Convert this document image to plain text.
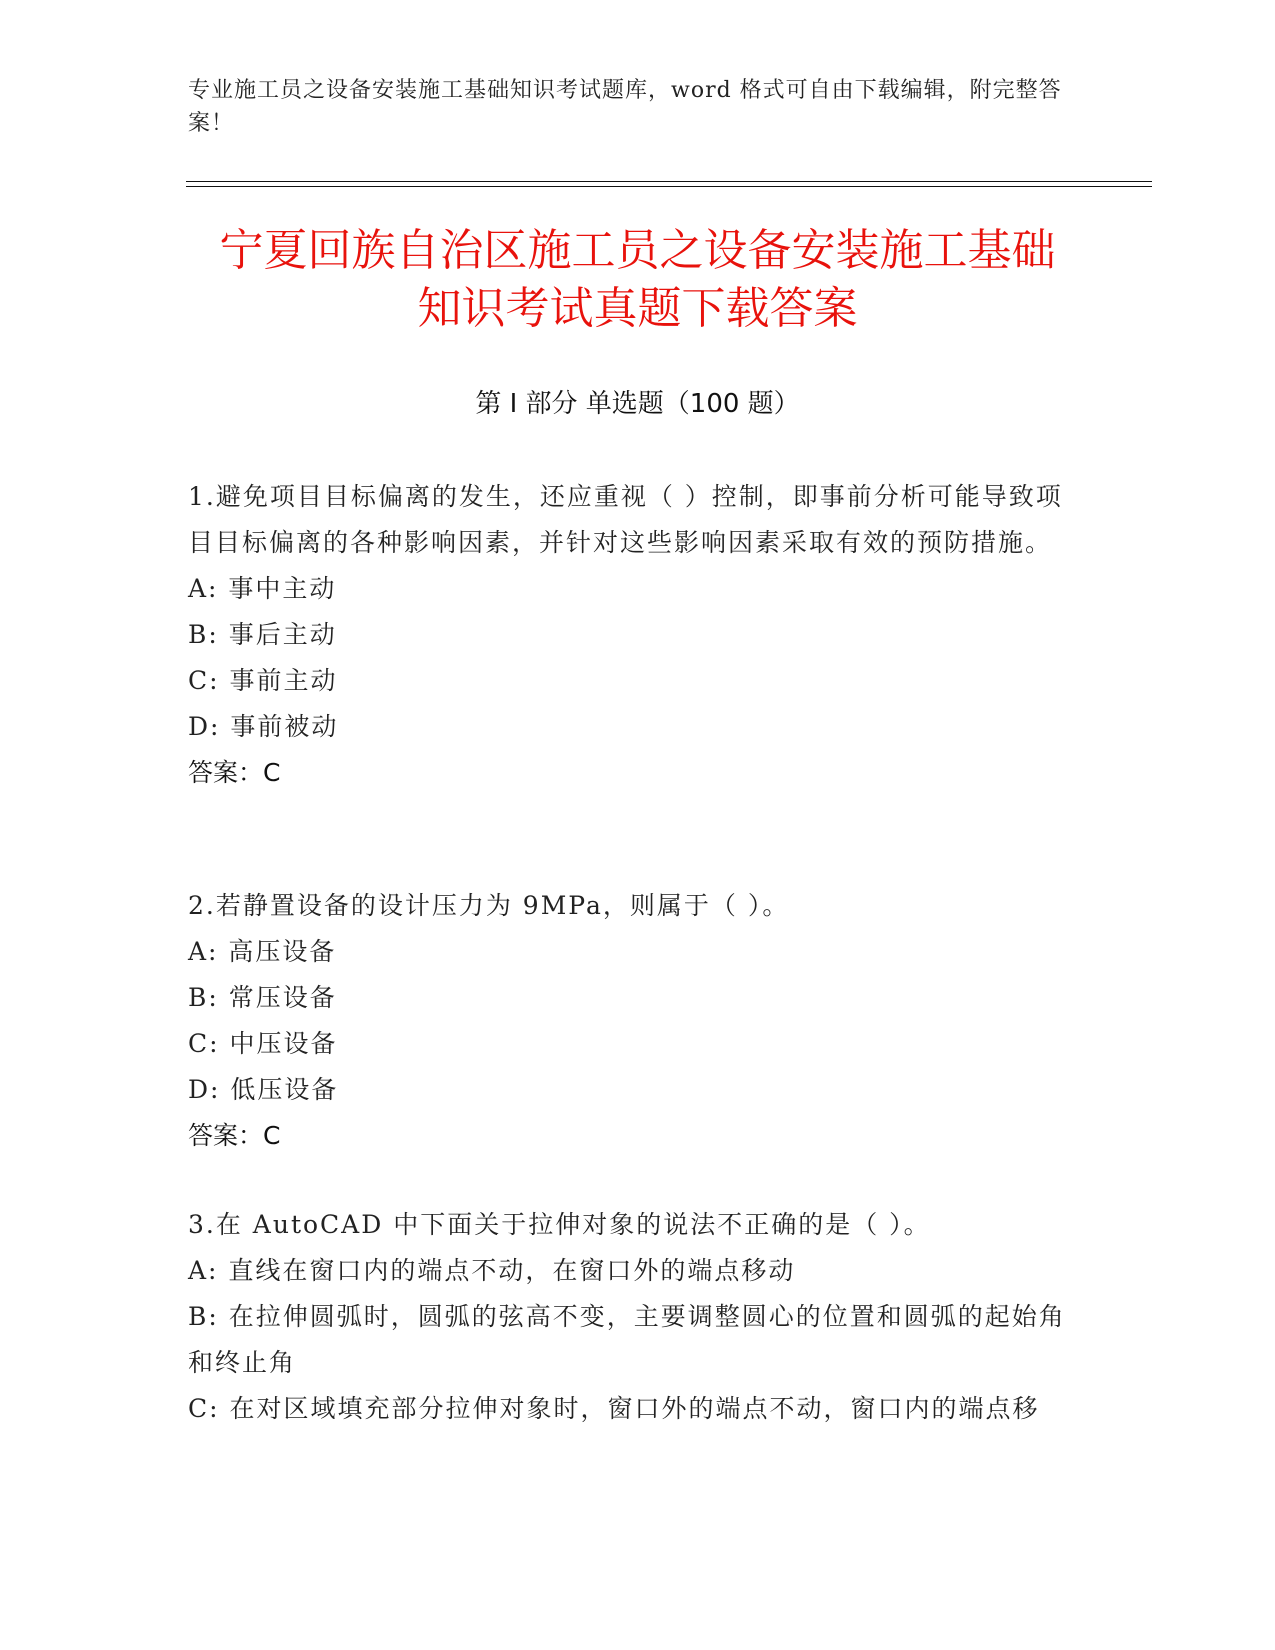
专业施工员之设备安装施工基础知识考试题库，word 格式可自由下载编辑，附完整答案！
宁夏回族自治区施工员之设备安装施工基础
知识考试真题下载答案
第 I 部分 单选题（100 题）
1.避免项目目标偏离的发生，还应重视（ ）控制，即事前分析可能导致项目目标偏离的各种影响因素，并针对这些影响因素采取有效的预防措施。
A: 事中主动
B: 事后主动
C: 事前主动
D: 事前被动
答案：C
2.若静置设备的设计压力为 9MPa，则属于（ ）。
A: 高压设备
B: 常压设备
C: 中压设备
D: 低压设备
答案：C
3.在 AutoCAD 中下面关于拉伸对象的说法不正确的是（ ）。
A: 直线在窗口内的端点不动，在窗口外的端点移动
B: 在拉伸圆弧时，圆弧的弦高不变，主要调整圆心的位置和圆弧的起始角和终止角
C: 在对区域填充部分拉伸对象时，窗口外的端点不动，窗口内的端点移
